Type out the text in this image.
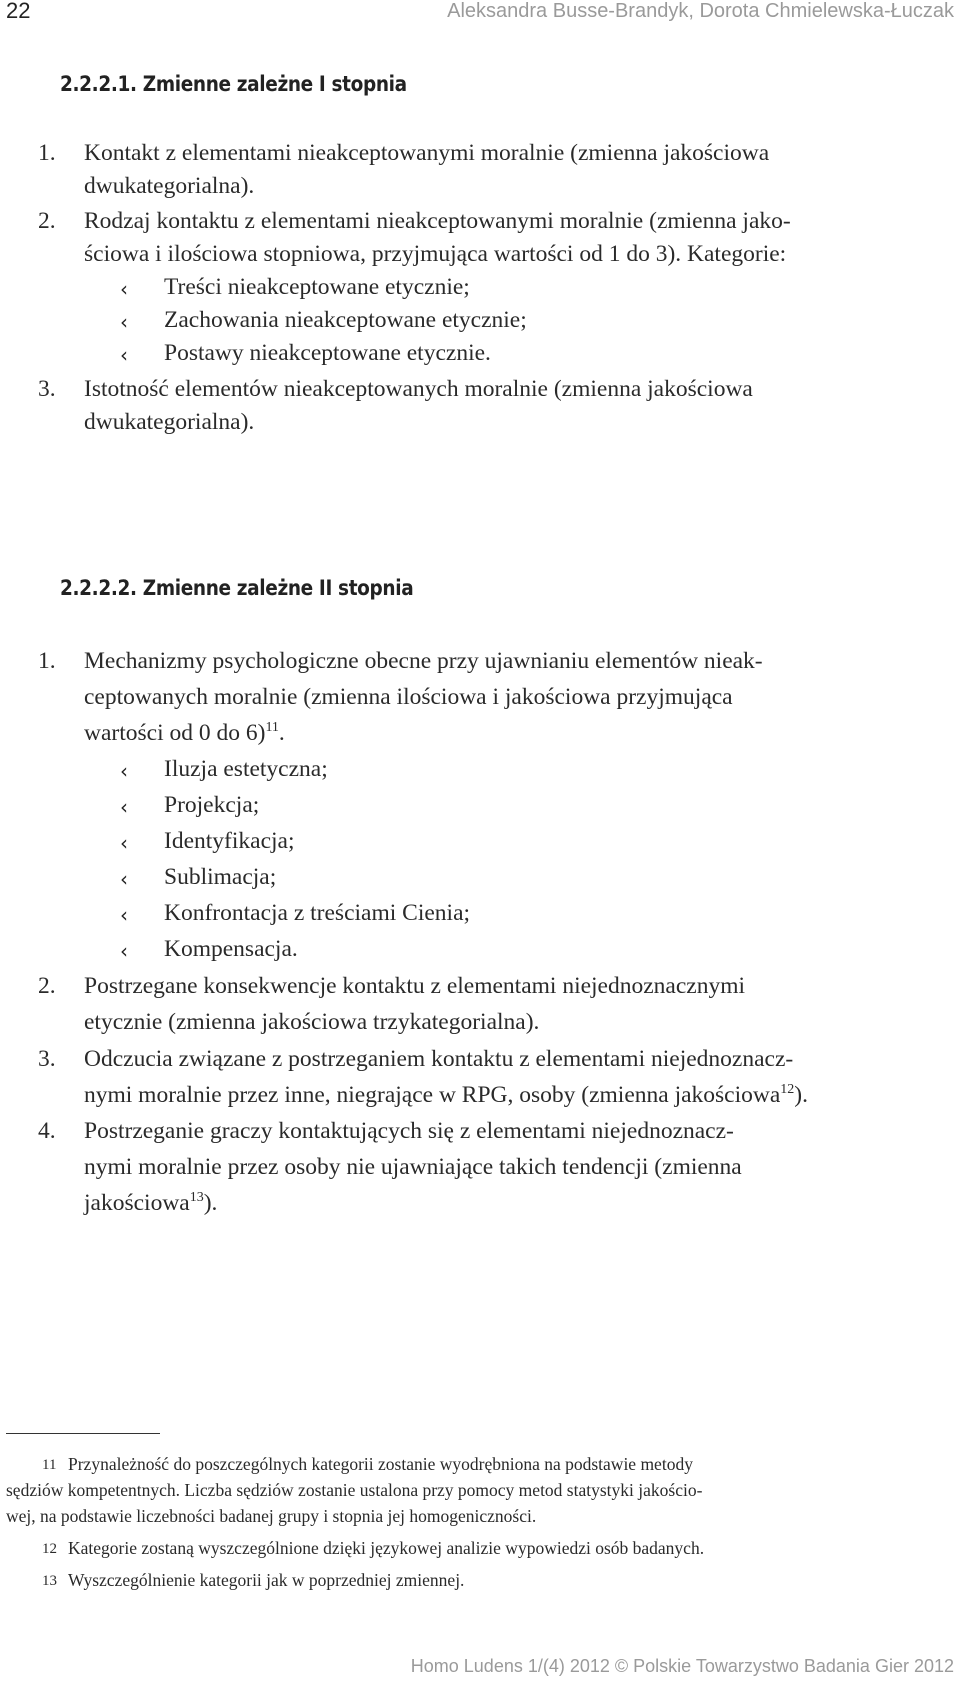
22	Aleksandra Busse-Brandyk, Dorota Chmielewska-Łuczak
2.2.2.1. Zmienne zależne I stopnia
1. Kontakt z elementami nieakceptowanymi moralnie (zmienna jakościowa
dwukategorialna).
2. Rodzaj kontaktu z elementami nieakceptowanymi moralnie (zmienna jako-
ściowa i ilościowa stopniowa, przyjmująca wartości od 1 do 3). Kategorie:
‹ Treści nieakceptowane etycznie;
‹ Zachowania nieakceptowane etycznie;
‹ Postawy nieakceptowane etycznie.
3. Istotność elementów nieakceptowanych moralnie (zmienna jakościowa
dwukategorialna).
2.2.2.2. Zmienne zależne II stopnia
1. Mechanizmy psychologiczne obecne przy ujawnianiu elementów nieak-
ceptowanych moralnie (zmienna ilościowa i jakościowa przyjmująca
wartości od 0 do 6)$^{11}$.
‹ Iluzja estetyczna;
‹ Projekcja;
‹ Identyfikacja;
‹ Sublimacja;
‹ Konfrontacja z treściami Cienia;
‹ Kompensacja.
2. Postrzegane konsekwencje kontaktu z elementami niejednoznacznymi
etycznie (zmienna jakościowa trzykategorialna).
3. Odczucia związane z postrzeganiem kontaktu z elementami niejednoznacz-
nymi moralnie przez inne, niegrające w RPG, osoby (zmienna jakościowa$^{12}$).
4. Postrzeganie graczy kontaktujących się z elementami niejednoznacz-
nymi moralnie przez osoby nie ujawniające takich tendencji (zmienna
jakościowa$^{13}$).
11 Przynależność do poszczególnych kategorii zostanie wyodrębniona na podstawie metody
sędziów kompetentnych. Liczba sędziów zostanie ustalona przy pomocy metod statystyki jakościo-
wej, na podstawie liczebności badanej grupy i stopnia jej homogeniczności.
12 Kategorie zostaną wyszczególnione dzięki językowej analizie wypowiedzi osób badanych.
13 Wyszczególnienie kategorii jak w poprzedniej zmiennej.
Homo Ludens 1/(4) 2012 © Polskie Towarzystwo Badania Gier 2012
